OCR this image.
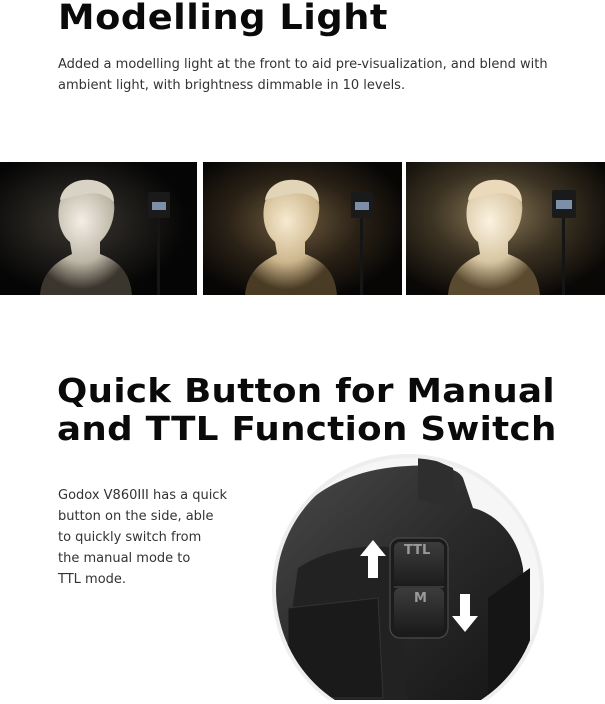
Modelling Light

Added a modelling light at the front to aid pre-visualization, and blend with ambient light, with brightness dimmable in 10 levels.

Quick Button for Manual
and TTL Function Switch

Godox V860III has a quick
button on the side, able
to quickly switch from
the manual mode to
TTL mode.

TTL
M
